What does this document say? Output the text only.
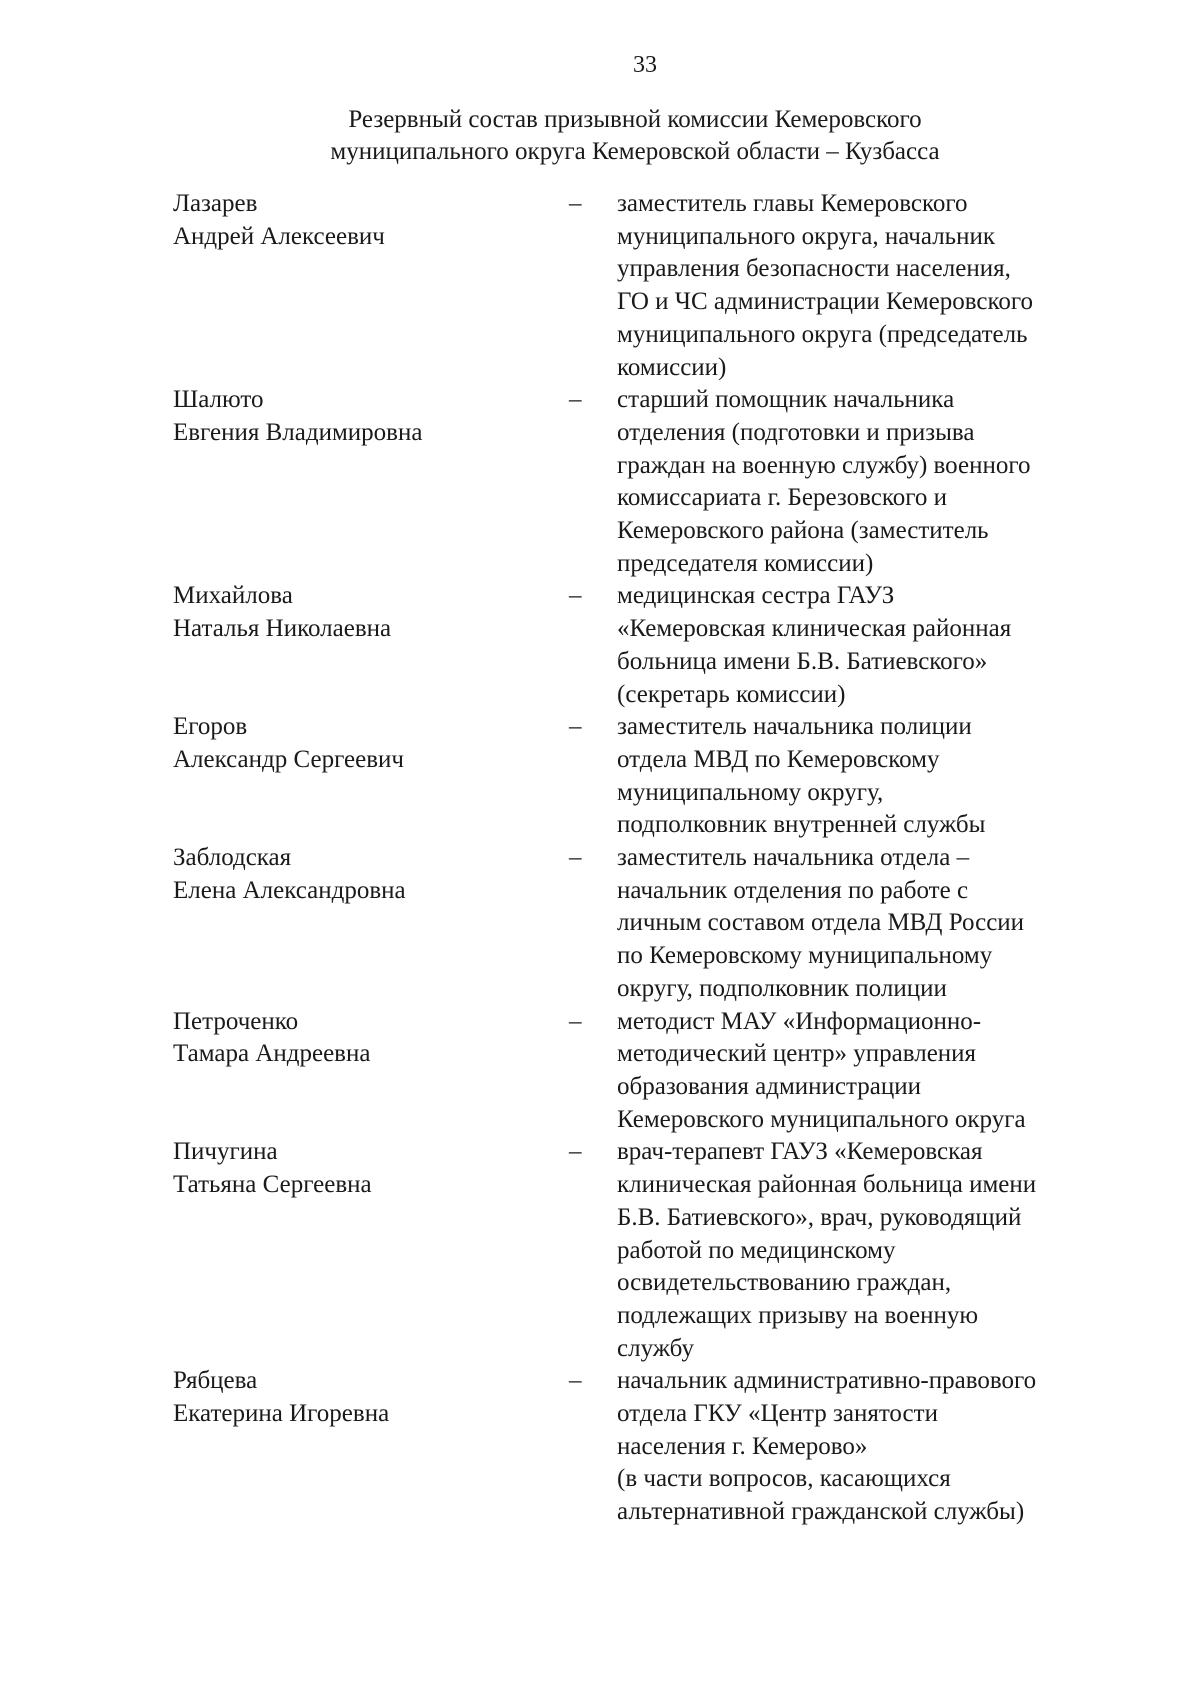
33
Резервный состав призывной комиссии Кемеровского
муниципального округа Кемеровской области – Кузбасса
Лазарев
Андрей Алексеевич
–	заместитель главы Кемеровского
муниципального округа, начальник
управления безопасности населения,
ГО и ЧС администрации Кемеровского
муниципального округа (председатель
комиссии)
Шалюто
Евгения Владимировна
–	старший помощник начальника
отделения (подготовки и призыва
граждан на военную службу) военного
комиссариата г. Березовского и
Кемеровского района (заместитель
председателя комиссии)
Михайлова
Наталья Николаевна
–	медицинская сестра ГАУЗ
«Кемеровская клиническая районная
больница имени Б.В. Батиевского»
(секретарь комиссии)
Егоров
Александр Сергеевич
–	заместитель начальника полиции
отдела МВД по Кемеровскому
муниципальному округу,
подполковник внутренней службы
Заблодская
Елена Александровна
–	заместитель начальника отдела –
начальник отделения по работе с
личным составом отдела МВД России
по Кемеровскому муниципальному
округу, подполковник полиции
Петроченко
Тамара Андреевна
–	методист МАУ «Информационно-
методический центр» управления
образования администрации
Кемеровского муниципального округа
Пичугина
Татьяна Сергеевна
–	врач-терапевт ГАУЗ «Кемеровская
клиническая районная больница имени
Б.В. Батиевского», врач, руководящий
работой по медицинскому
освидетельствованию граждан,
подлежащих призыву на военную
службу
Рябцева
Екатерина Игоревна
–	начальник административно-правового
отдела ГКУ «Центр занятости
населения г. Кемерово»
(в части вопросов, касающихся
альтернативной гражданской службы)
